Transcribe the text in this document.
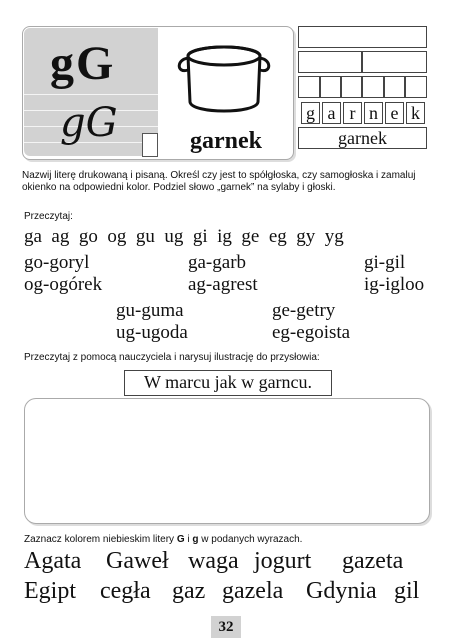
gG
gG	garnek
g a r n e k
garnek
Nazwij literę drukowaną i pisaną. Określ czy jest to spółgłoska, czy samogłoska i zamaluj okienko na odpowiedni kolor. Podziel słowo „garnek” na sylaby i głoski.
Przeczytaj:
ga  ag  go  og  gu  ug  gi  ig  ge  eg  gy  yg
go-goryl	ga-garb	gi-gil
og-ogórek	ag-agrest	ig-igloo
gu-guma	ge-getry
ug-ugoda	eg-egoista
Przeczytaj z pomocą nauczyciela i narysuj ilustrację do przysłowia:
W marcu jak w garncu.
Zaznacz kolorem niebieskim litery G i g w podanych wyrazach.
Agata Gaweł waga jogurt gazeta
Egipt cegła gaz gazela Gdynia gil
32
